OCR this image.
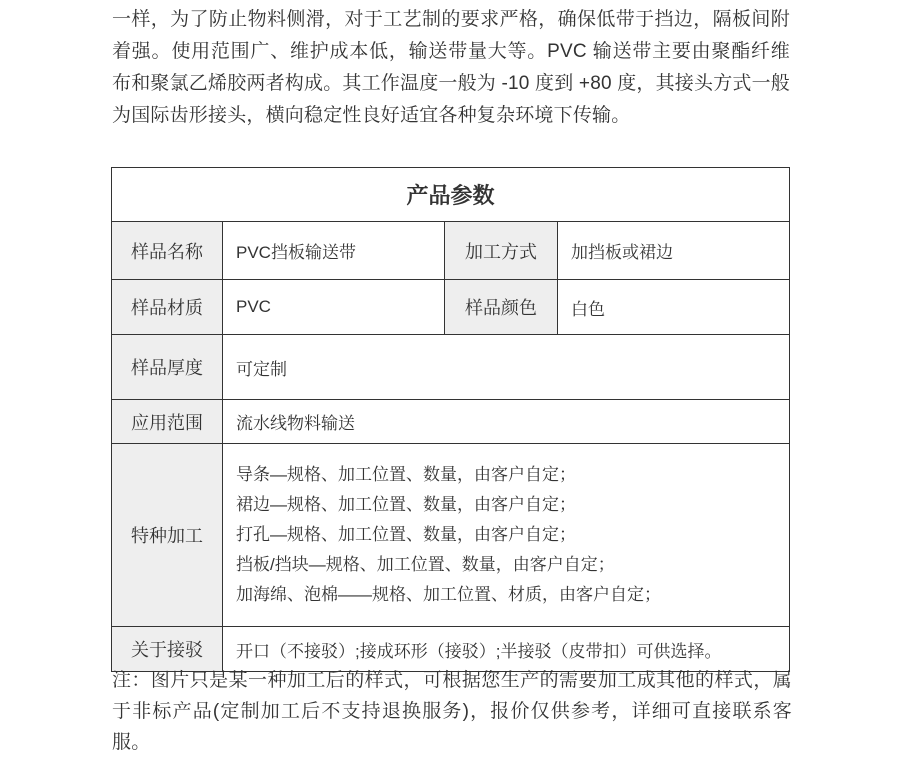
一样，为了防止物料侧滑，对于工艺制的要求严格，确保低带于挡边，隔板间附着强。使用范围广、维护成本低，输送带量大等。PVC 输送带主要由聚酯纤维布和聚氯乙烯胶两者构成。其工作温度一般为 -10 度到 +80 度，其接头方式一般为国际齿形接头，横向稳定性良好适宜各种复杂环境下传输。

产品参数			
样品名称	PVC挡板输送带	加工方式	加挡板或裙边
样品材质	PVC	样品颜色	白色
样品厚度	可定制		
应用范围	流水线物料输送		
特种加工	导条—规格、加工位置、数量，由客户自定；
裙边—规格、加工位置、数量，由客户自定；
打孔—规格、加工位置、数量，由客户自定；
挡板/挡块—规格、加工位置、数量，由客户自定；
加海绵、泡棉——规格、加工位置、材质，由客户自定；		

关于接驳	开口（不接驳）;接成环形（接驳）;半接驳（皮带扣）可供选择。		

注：图片只是某一种加工后的样式，可根据您生产的需要加工成其他的样式，属于非标产品(定制加工后不支持退换服务)，报价仅供参考，详细可直接联系客服。
